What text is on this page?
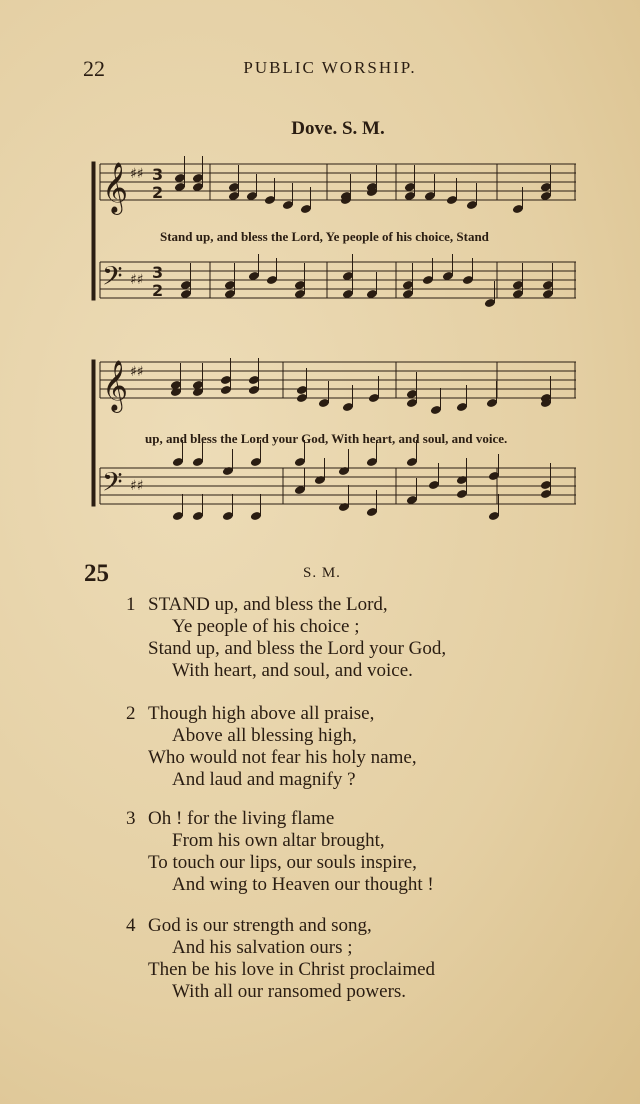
22	PUBLIC WORSHIP.
Dove. S. M.
𝄞 ♯♯ 3
2
𝄢 ♯♯ 3
2
𝄞 ♯♯
𝄢 ♯♯
Stand up, and bless the Lord, Ye people of his choice, Stand
up, and bless the Lord your God, With heart, and soul, and voice.
25	S. M.
1 STAND up, and bless the Lord,
Ye people of his choice ;
Stand up, and bless the Lord your God,
With heart, and soul, and voice.
2 Though high above all praise,
Above all blessing high,
Who would not fear his holy name,
And laud and magnify ?
3 Oh ! for the living flame
From his own altar brought,
To touch our lips, our souls inspire,
And wing to Heaven our thought !
4 God is our strength and song,
And his salvation ours ;
Then be his love in Christ proclaimed
With all our ransomed powers.
